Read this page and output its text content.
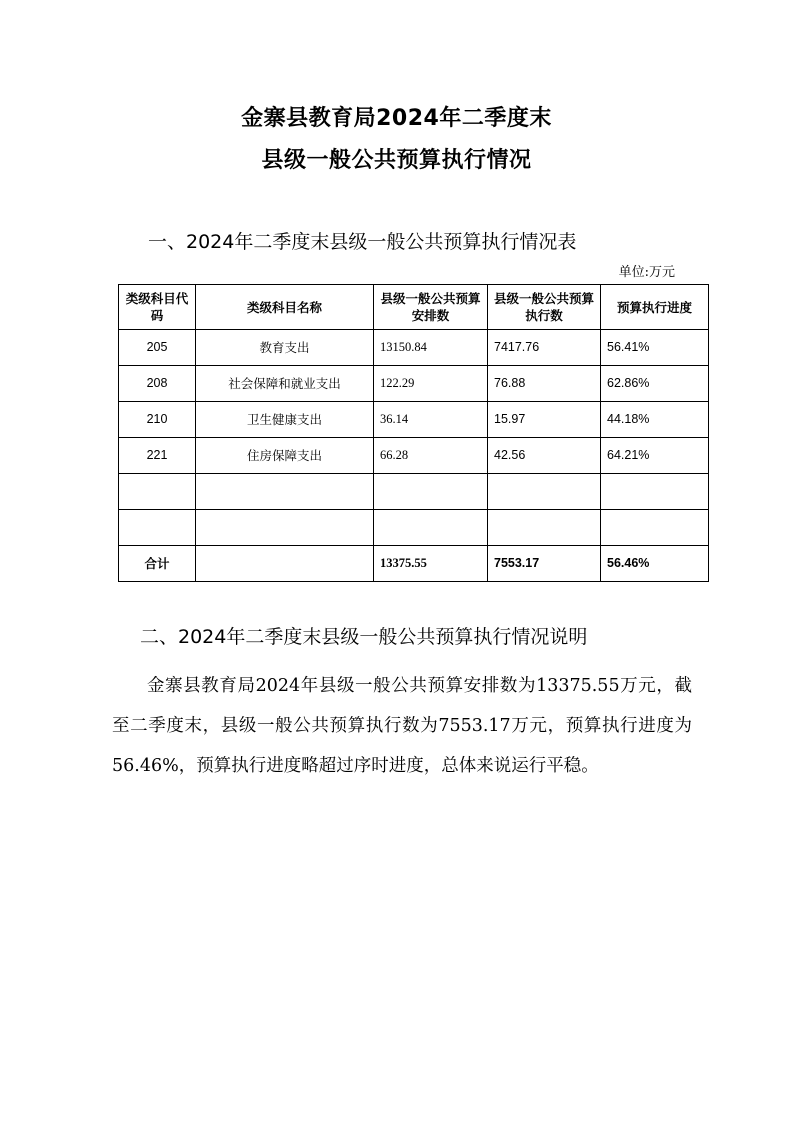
金寨县教育局2024年二季度末
县级一般公共预算执行情况
一、2024年二季度末县级一般公共预算执行情况表
单位:万元
类级科目代码	类级科目名称	县级一般公共预算安排数	县级一般公共预算执行数	预算执行进度
205	教育支出	13150.84	7417.76	56.41%
208	社会保障和就业支出	122.29	76.88	62.86%
210	卫生健康支出	36.14	15.97	44.18%
221	住房保障支出	66.28	42.56	64.21%

合计		13375.55	7553.17	56.46%
二、2024年二季度末县级一般公共预算执行情况说明

金寨县教育局2024年县级一般公共预算安排数为13375.55万元，截至二季度末，县级一般公共预算执行数为7553.17万元，预算执行进度为56.46%，预算执行进度略超过序时进度，总体来说运行平稳。
